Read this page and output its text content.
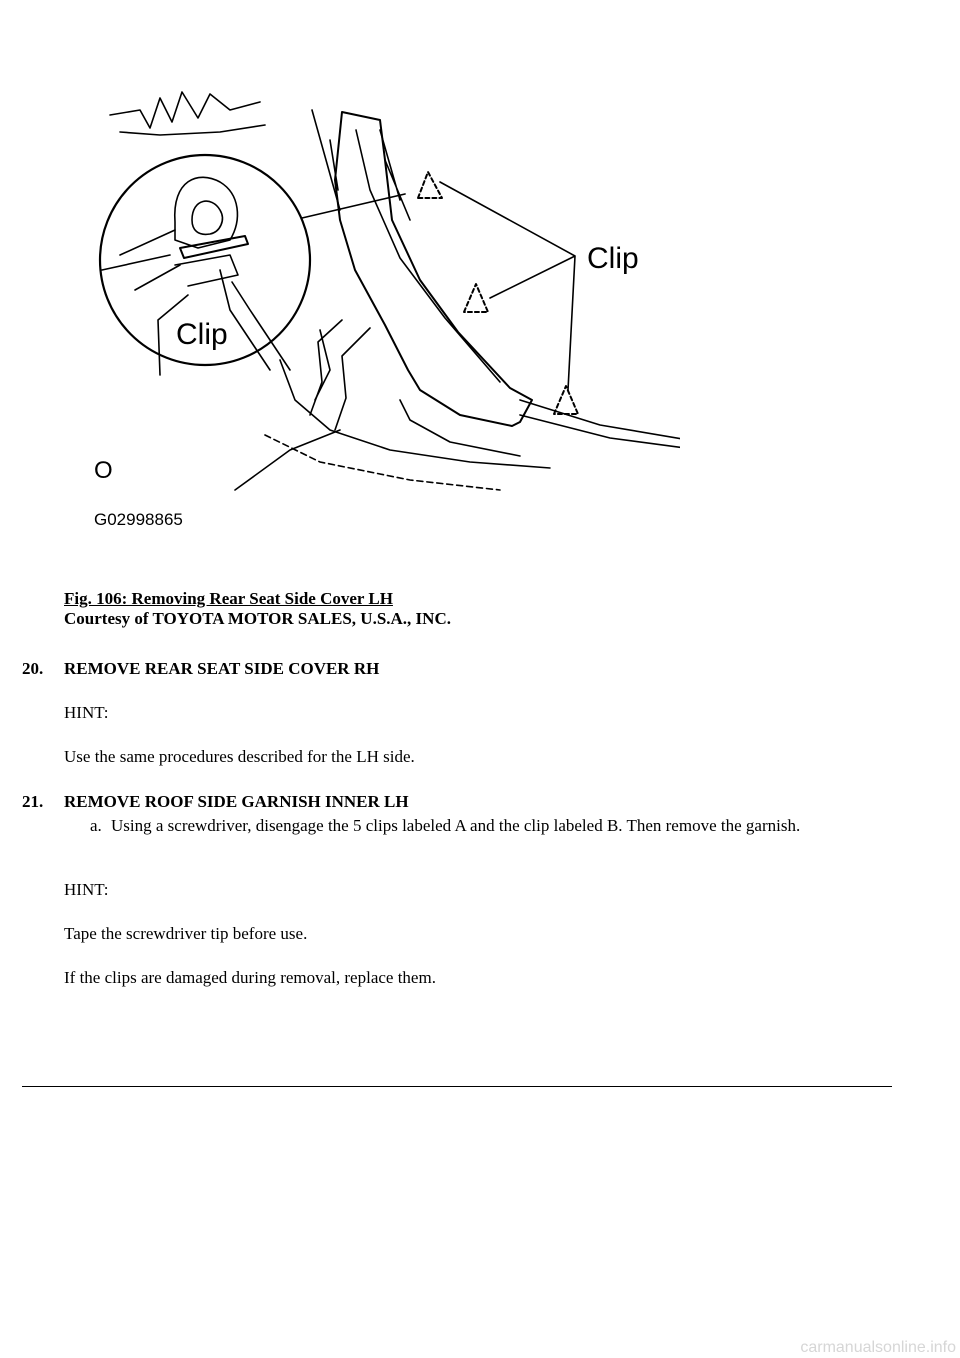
Clip
Clip
O
G02998865
Fig. 106: Removing Rear Seat Side Cover LH
Courtesy of TOYOTA MOTOR SALES, U.S.A., INC.
20. REMOVE REAR SEAT SIDE COVER RH
HINT:
Use the same procedures described for the LH side.
21. REMOVE ROOF SIDE GARNISH INNER LH
a. Using a screwdriver, disengage the 5 clips labeled A and the clip labeled B. Then remove the garnish.
HINT:
Tape the screwdriver tip before use.
If the clips are damaged during removal, replace them.
carmanualsonline.info
